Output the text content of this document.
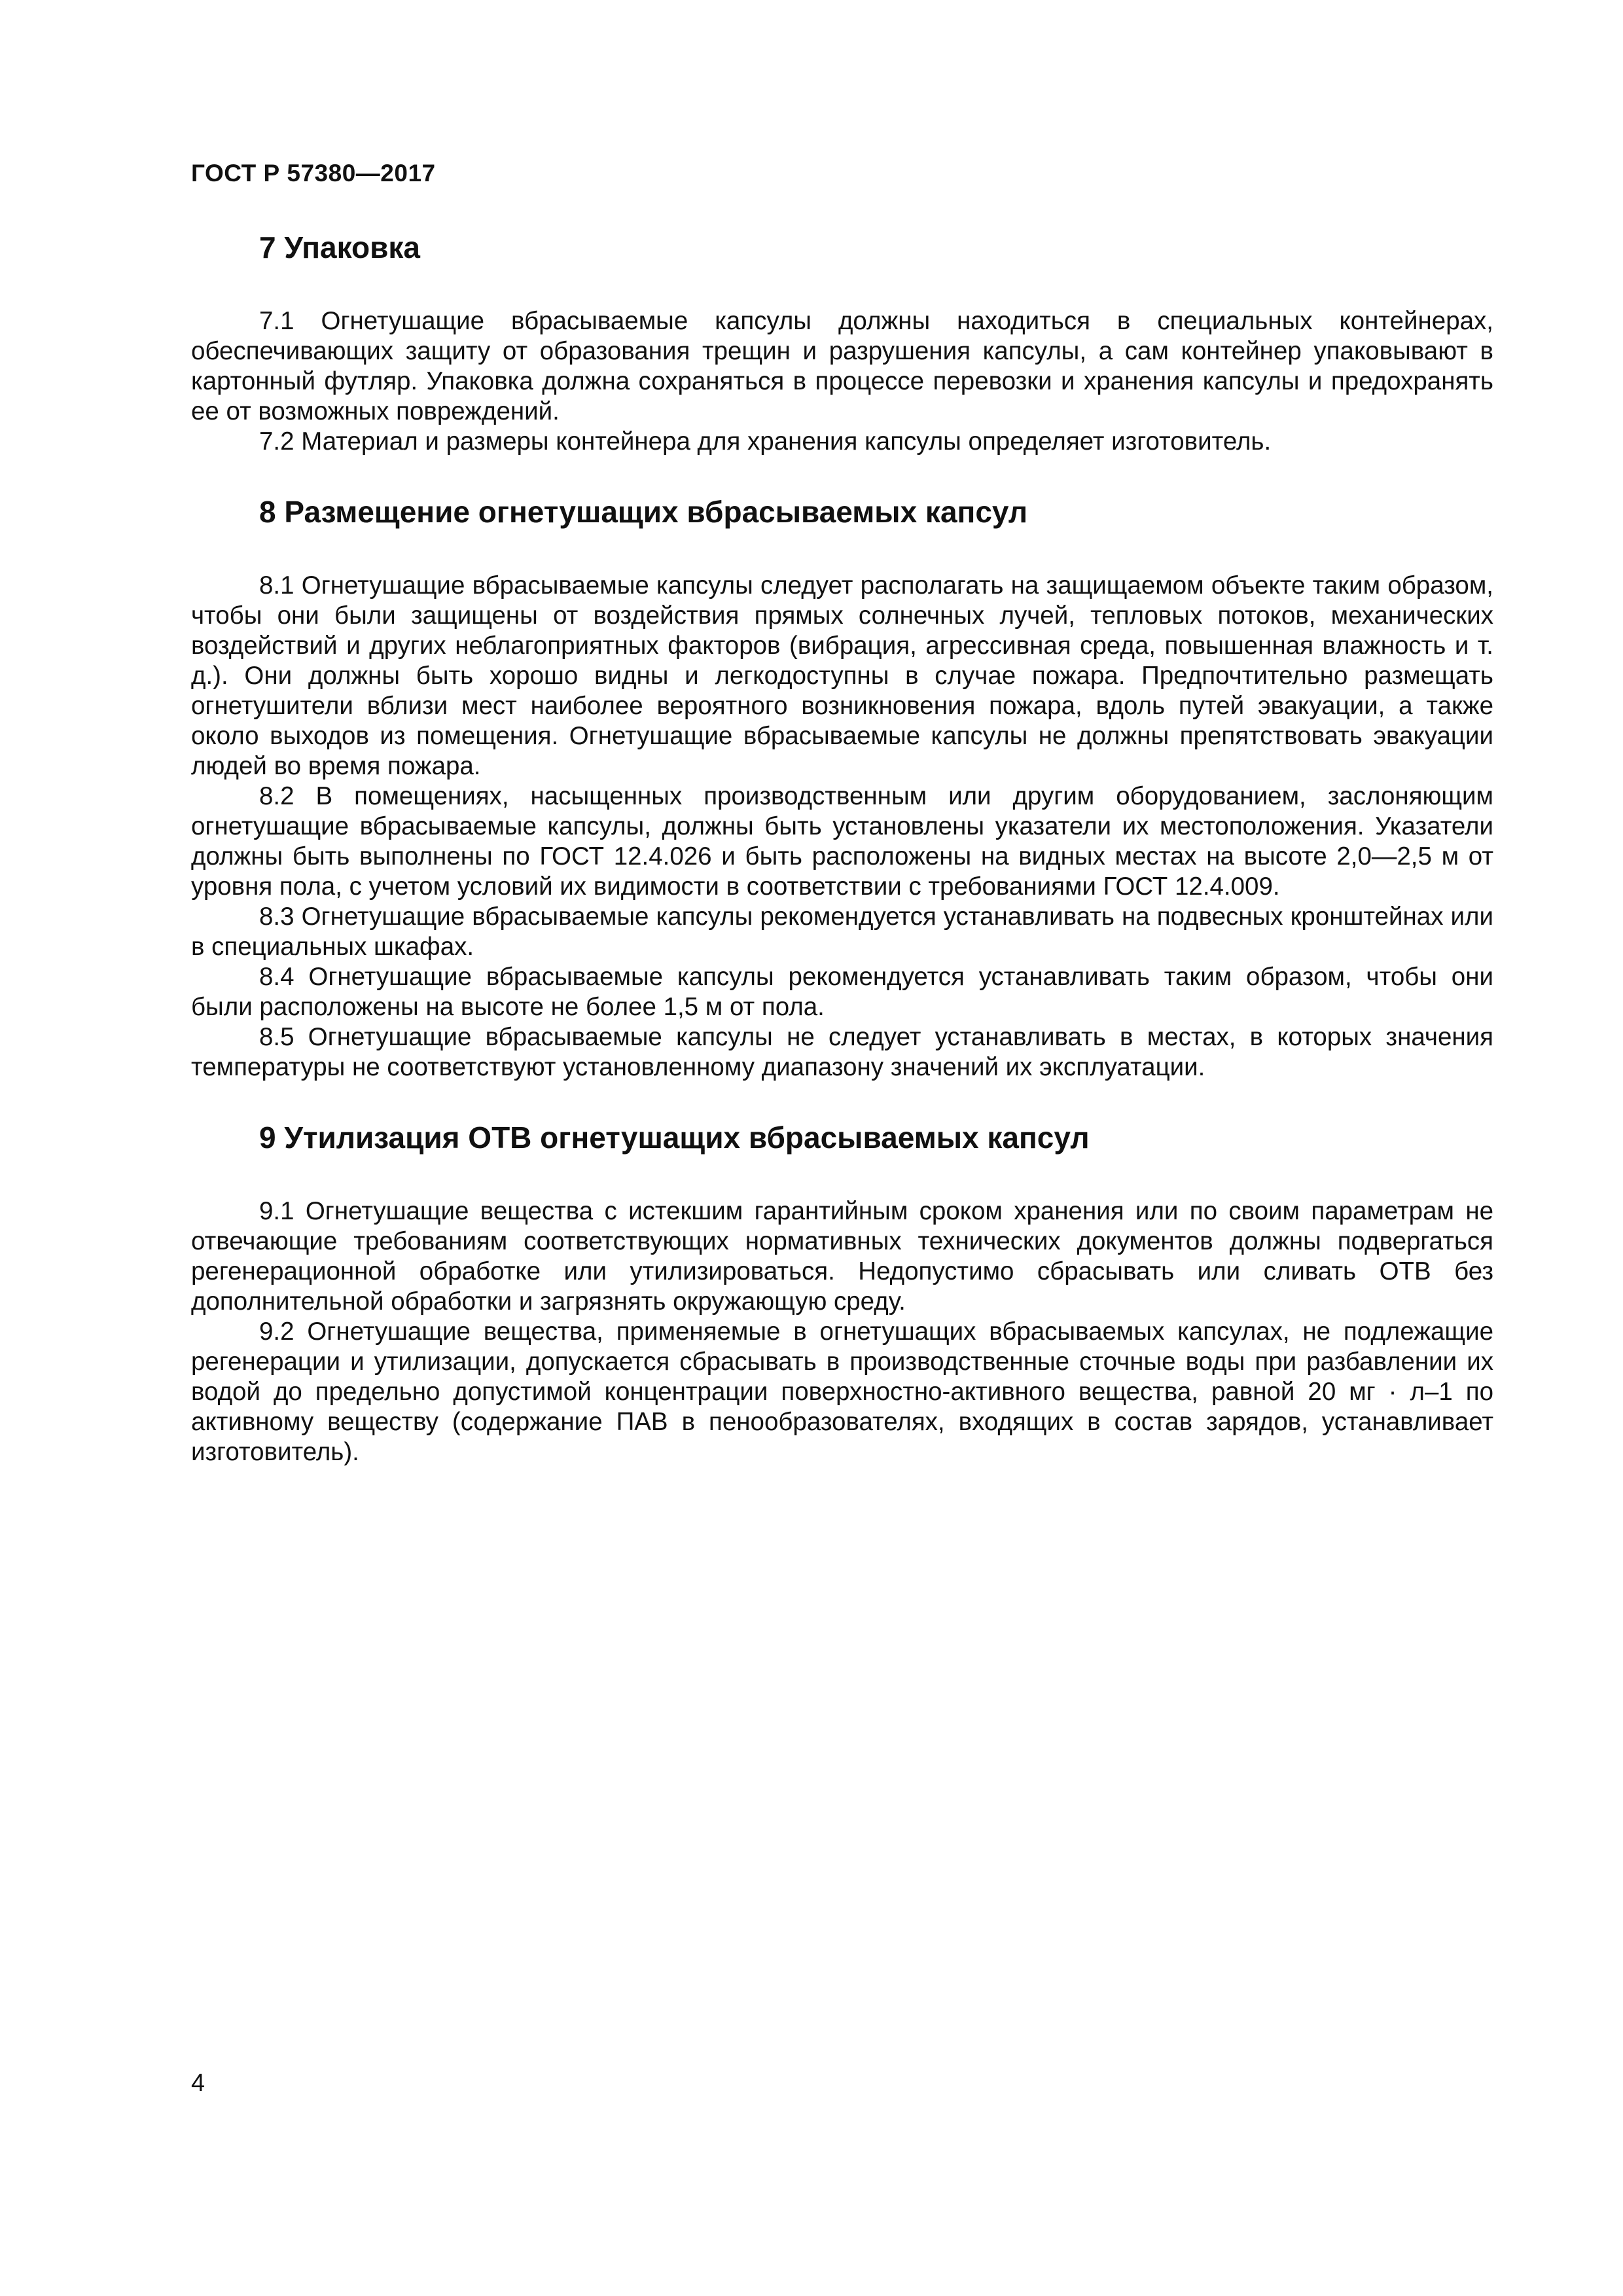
ГОСТ Р 57380—2017
7 Упаковка

7.1 Огнетушащие вбрасываемые капсулы должны находиться в специальных контейнерах, обеспечивающих защиту от образования трещин и разрушения капсулы, а сам контейнер упаковывают в картонный футляр. Упаковка должна сохраняться в процессе перевозки и хранения капсулы и предохранять ее от возможных повреждений.

7.2 Материал и размеры контейнера для хранения капсулы определяет изготовитель.

8 Размещение огнетушащих вбрасываемых капсул

8.1 Огнетушащие вбрасываемые капсулы следует располагать на защищаемом объекте таким образом, чтобы они были защищены от воздействия прямых солнечных лучей, тепловых потоков, механических воздействий и других неблагоприятных факторов (вибрация, агрессивная среда, повышенная влажность и т. д.). Они должны быть хорошо видны и легкодоступны в случае пожара. Предпочтительно размещать огнетушители вблизи мест наиболее вероятного возникновения пожара, вдоль путей эвакуации, а также около выходов из помещения. Огнетушащие вбрасываемые капсулы не должны препятствовать эвакуации людей во время пожара.

8.2 В помещениях, насыщенных производственным или другим оборудованием, заслоняющим огнетушащие вбрасываемые капсулы, должны быть установлены указатели их местоположения. Указатели должны быть выполнены по ГОСТ 12.4.026 и быть расположены на видных местах на высоте 2,0—2,5 м от уровня пола, с учетом условий их видимости в соответствии с требованиями ГОСТ 12.4.009.

8.3 Огнетушащие вбрасываемые капсулы рекомендуется устанавливать на подвесных кронштейнах или в специальных шкафах.

8.4 Огнетушащие вбрасываемые капсулы рекомендуется устанавливать таким образом, чтобы они были расположены на высоте не более 1,5 м от пола.

8.5 Огнетушащие вбрасываемые капсулы не следует устанавливать в местах, в которых значения температуры не соответствуют установленному диапазону значений их эксплуатации.

9 Утилизация ОТВ огнетушащих вбрасываемых капсул

9.1 Огнетушащие вещества с истекшим гарантийным сроком хранения или по своим параметрам не отвечающие требованиям соответствующих нормативных технических документов должны подвергаться регенерационной обработке или утилизироваться. Недопустимо сбрасывать или сливать ОТВ без дополнительной обработки и загрязнять окружающую среду.

9.2 Огнетушащие вещества, применяемые в огнетушащих вбрасываемых капсулах, не подлежащие регенерации и утилизации, допускается сбрасывать в производственные сточные воды при разбавлении их водой до предельно допустимой концентрации поверхностно-активного вещества, равной 20 мг · л–1 по активному веществу (содержание ПАВ в пенообразователях, входящих в состав зарядов, устанавливает изготовитель).

4
